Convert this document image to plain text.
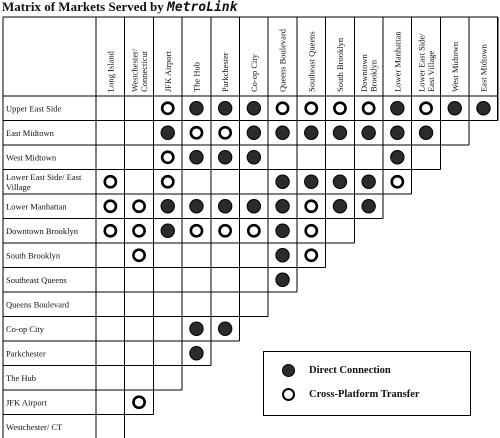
Matrix of Markets Served by MetroLink
Long Island Westchester/ Connecticut JFK Airport The Hub Parkchester Co-op City Queens Boulevard Southeast Queens South Brooklyn Downtown Brooklyn Lower Manhattan Lower East Side/ East Village West Midtown East Midtown
Upper East Side
East Midtown
West Midtown
Lower East Side/ East
Village
Lower Manhattan
Downtown Brooklyn
South Brooklyn
Southeast Queens
Queens Boulevard
Co-op City
Parkchester
The Hub
JFK Airport
Westchester/ CT
Direct Connection
Cross-Platform Transfer
